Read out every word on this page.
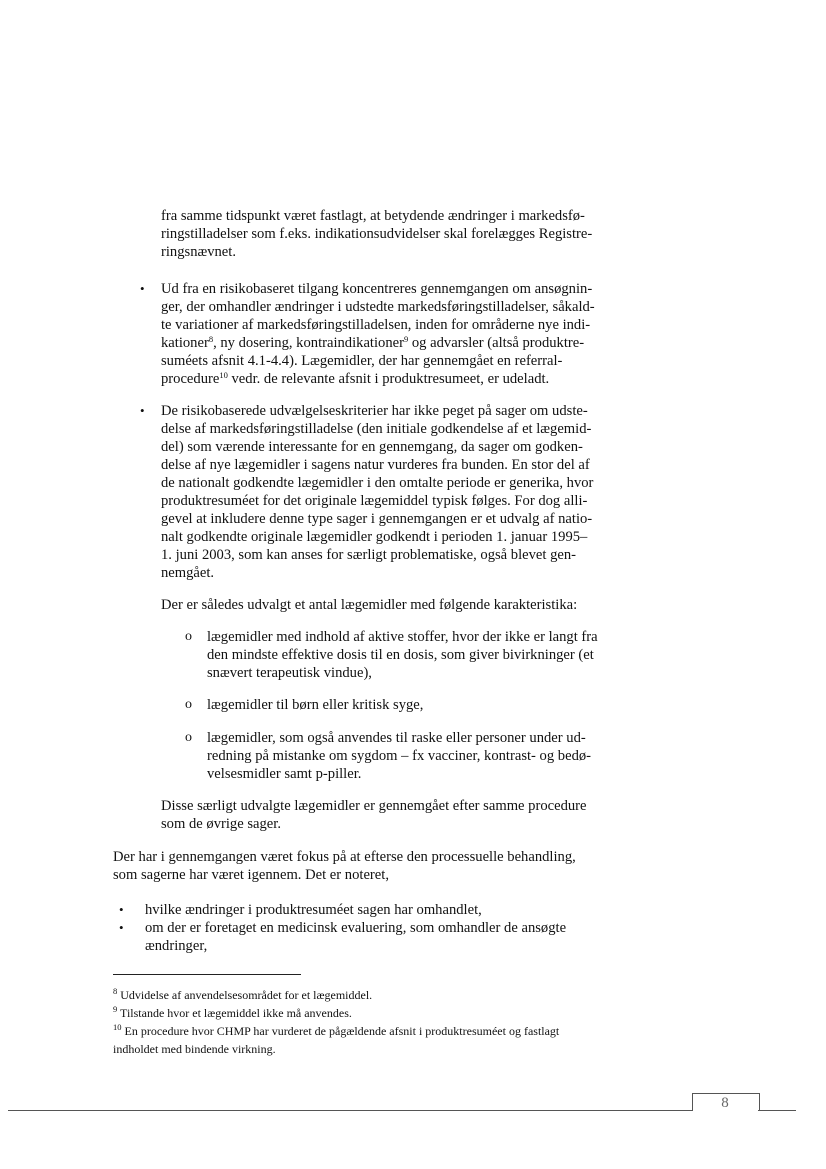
fra samme tidspunkt været fastlagt, at betydende ændringer i markedsfø-

ringstilladelser som f.eks. indikationsudvidelser skal forelægges Registre-

ringsnævnet.

• Ud fra en risikobaseret tilgang koncentreres gennemgangen om ansøgnin-

ger, der omhandler ændringer i udstedte markedsføringstilladelser, såkald-

te variationer af markedsføringstilladelsen, inden for områderne nye indi-

kationer$^8$, ny dosering, kontraindikationer$^9$ og advarsler (altså produktre-

suméets afsnit 4.1-4.4). Lægemidler, der har gennemgået en referral-

procedure$^{10}$ vedr. de relevante afsnit i produktresumeet, er udeladt.

• De risikobaserede udvælgelseskriterier har ikke peget på sager om udste-

delse af markedsføringstilladelse (den initiale godkendelse af et lægemid-

del) som værende interessante for en gennemgang, da sager om godken-

delse af nye lægemidler i sagens natur vurderes fra bunden. En stor del af

de nationalt godkendte lægemidler i den omtalte periode er generika, hvor

produktresuméet for det originale lægemiddel typisk følges. For dog alli-

gevel at inkludere denne type sager i gennemgangen er et udvalg af natio-

nalt godkendte originale lægemidler godkendt i perioden 1. januar 1995–

1. juni 2003, som kan anses for særligt problematiske, også blevet gen-

nemgået.

Der er således udvalgt et antal lægemidler med følgende karakteristika:

o lægemidler med indhold af aktive stoffer, hvor der ikke er langt fra

den mindste effektive dosis til en dosis, som giver bivirkninger (et

snævert terapeutisk vindue),

o lægemidler til børn eller kritisk syge,

o lægemidler, som også anvendes til raske eller personer under ud-

redning på mistanke om sygdom – fx vacciner, kontrast- og bedø-

velsesmidler samt p-piller.

Disse særligt udvalgte lægemidler er gennemgået efter samme procedure

som de øvrige sager.

Der har i gennemgangen været fokus på at efterse den processuelle behandling,

som sagerne har været igennem. Det er noteret,

• hvilke ændringer i produktresuméet sagen har omhandlet,

• om der er foretaget en medicinsk evaluering, som omhandler de ansøgte

ændringer,

$^8$ Udvidelse af anvendelsesområdet for et lægemiddel.

$^9$ Tilstande hvor et lægemiddel ikke må anvendes.

$^{10}$ En procedure hvor CHMP har vurderet de pågældende afsnit i produktresuméet og fastlagt

indholdet med bindende virkning.

8
